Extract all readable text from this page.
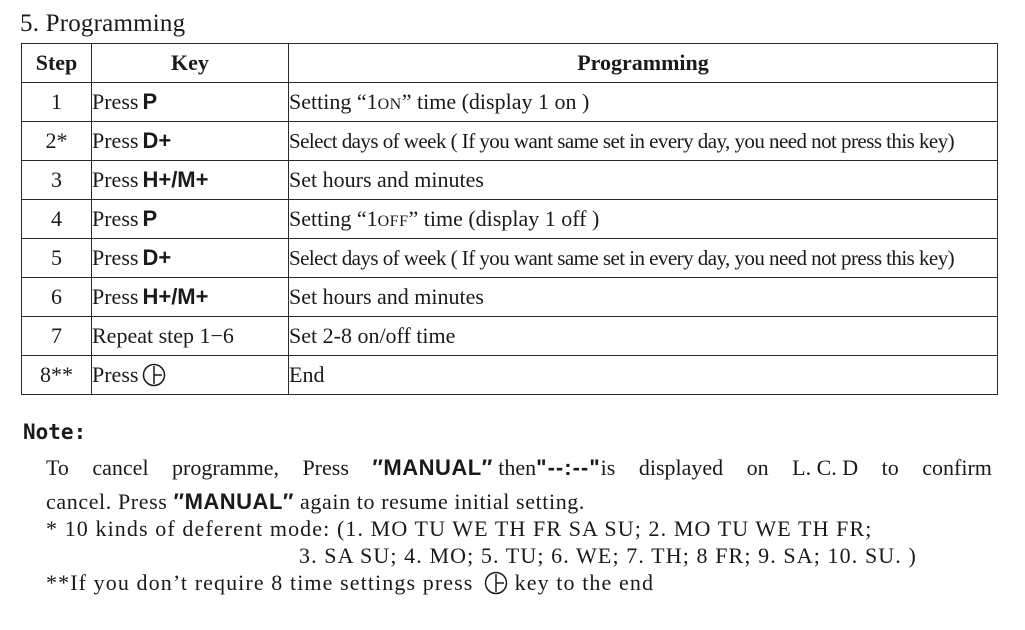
5. Programming
Step	Key	Programming
1	Press P	Setting “1ON” time (display 1 on )
2*	Press D+	Select days of week ( If you want same set in every day, you need not press this key)
3	Press H+/M+	Set hours and minutes
4	Press P	Setting “1OFF” time (display 1 off )
5	Press D+	Select days of week ( If you want same set in every day, you need not press this key)
6	Press H+/M+	Set hours and minutes
7	Repeat step 1−6	Set 2-8 on/off time
8**	Press	End
Note:
To cancel programme, Press ″MANUAL″ then"--:--"is displayed on L. C. D to confirm
cancel. Press ″MANUAL″ again to resume initial setting.
* 10 kinds of deferent mode: (1. MO TU WE TH FR SA SU; 2. MO TU WE TH FR;
3. SA SU; 4. MO; 5. TU; 6. WE; 7. TH; 8 FR; 9. SA; 10. SU. )
**If you don’t require 8 time settings press  key to the end
